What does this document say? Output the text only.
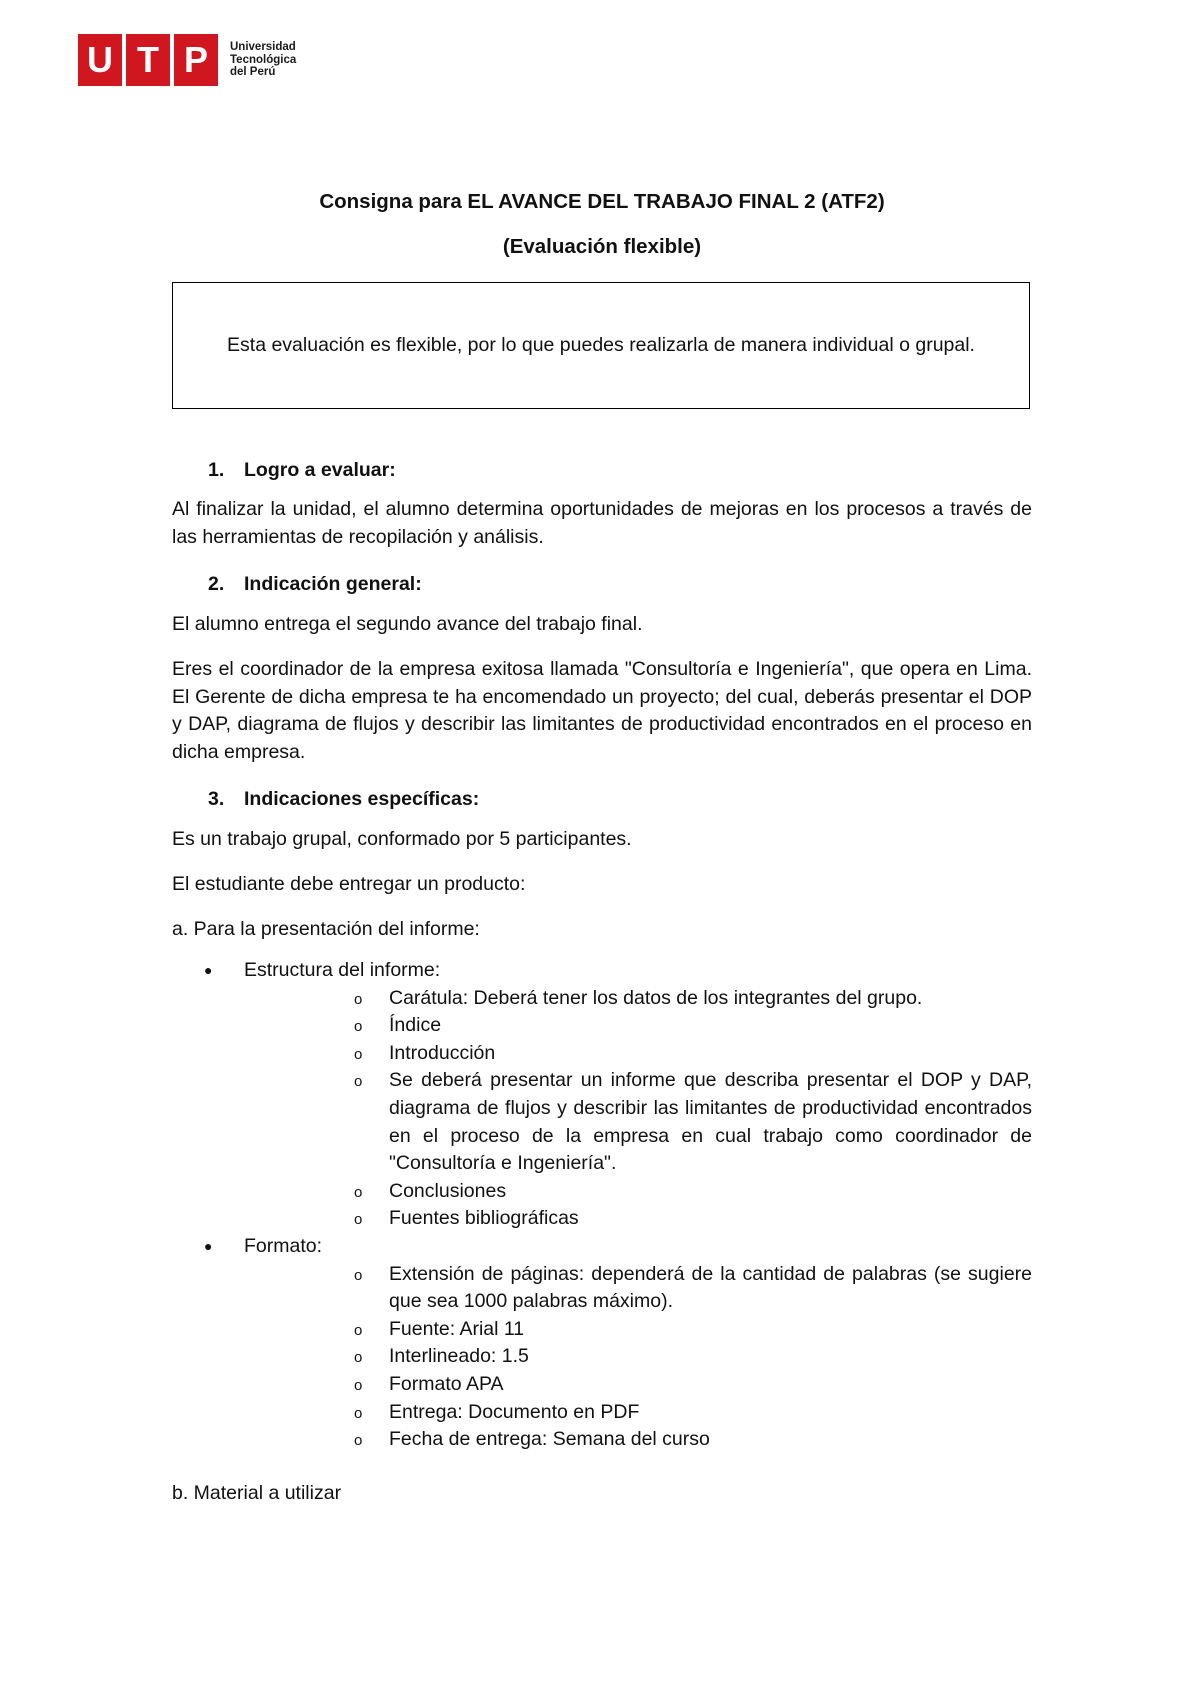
U T P	Universidad
Tecnológica
del Perú
Consigna para EL AVANCE DEL TRABAJO FINAL 2 (ATF2)
(Evaluación flexible)
Esta evaluación es flexible, por lo que puedes realizarla de manera individual o grupal.

1. Logro a evaluar:

Al finalizar la unidad, el alumno determina oportunidades de mejoras en los procesos a través de las herramientas de recopilación y análisis.

2. Indicación general:

El alumno entrega el segundo avance del trabajo final.

Eres el coordinador de la empresa exitosa llamada "Consultoría e Ingeniería", que opera en Lima. El Gerente de dicha empresa te ha encomendado un proyecto; del cual, deberás presentar el DOP y DAP, diagrama de flujos y describir las limitantes de productividad encontrados en el proceso en dicha empresa.

3. Indicaciones específicas:

Es un trabajo grupal, conformado por 5 participantes.

El estudiante debe entregar un producto:

a. Para la presentación del informe:

● Estructura del informe:
o Carátula: Deberá tener los datos de los integrantes del grupo.
o Índice
o Introducción
o Se deberá presentar un informe que describa presentar el DOP y DAP, diagrama de flujos y describir las limitantes de productividad encontrados en el proceso de la empresa en cual trabajo como coordinador de "Consultoría e Ingeniería".
o Conclusiones
o Fuentes bibliográficas
● Formato:
o Extensión de páginas: dependerá de la cantidad de palabras (se sugiere que sea 1000 palabras máximo).
o Fuente: Arial 11
o Interlineado: 1.5
o Formato APA
o Entrega: Documento en PDF
o Fecha de entrega: Semana del curso

b. Material a utilizar
